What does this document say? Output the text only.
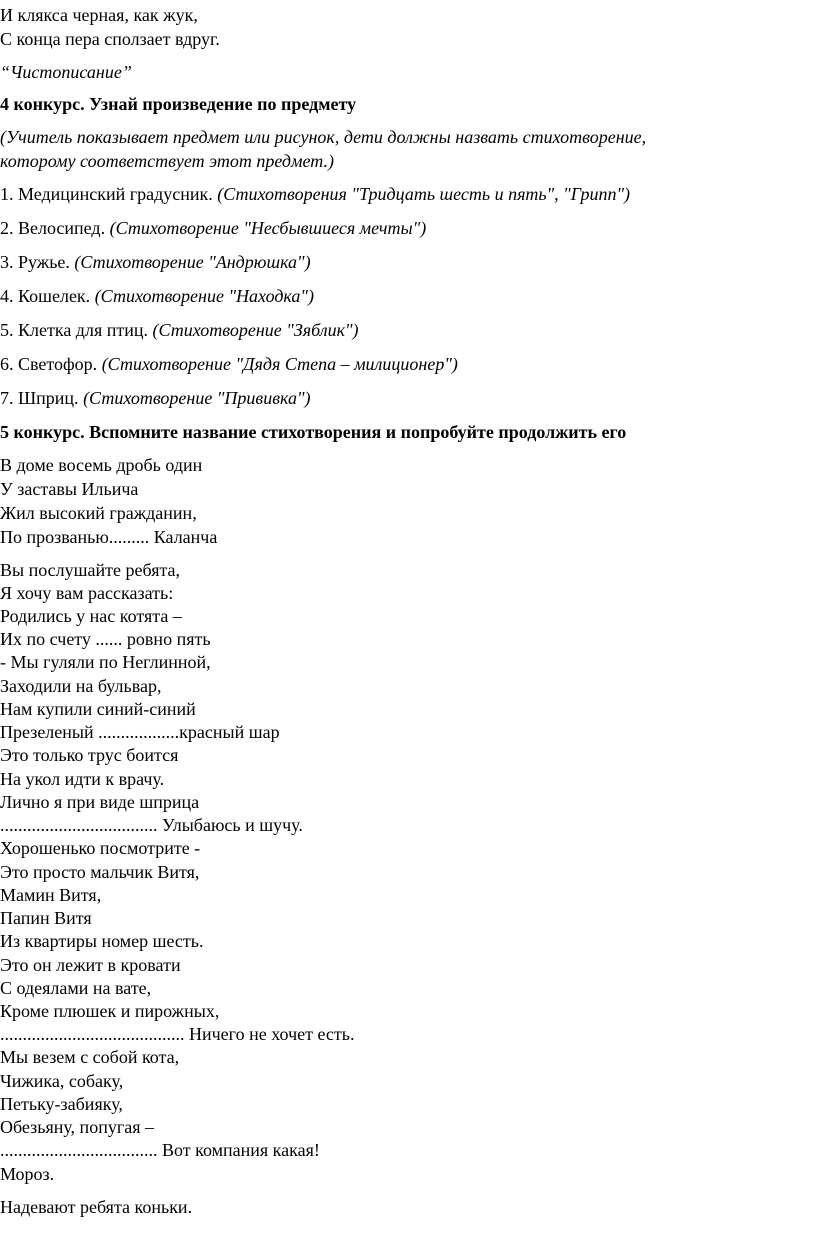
И клякса черная, как жук,
С конца пера сползает вдруг.
“Чистописание”
4 конкурс. Узнай произведение по предмету
(Учитель показывает предмет или рисунок, дети должны назвать стихотворение,
которому соответствует этот предмет.)
1. Медицинский градусник. (Стихотворения "Тридцать шесть и пять", "Грипп")
2. Велосипед. (Стихотворение "Несбывшиеся мечты")
3. Ружье. (Стихотворение "Андрюшка")
4. Кошелек. (Стихотворение "Находка")
5. Клетка для птиц. (Стихотворение "Зяблик")
6. Светофор. (Стихотворение "Дядя Степа – милиционер")
7. Шприц. (Стихотворение "Прививка")
5 конкурс. Вспомните название стихотворения и попробуйте продолжить его
В доме восемь дробь один
У заставы Ильича
Жил высокий гражданин,
По прозванью......... Каланча
Вы послушайте ребята,
Я хочу вам рассказать:
Родились у нас котята –
Их по счету ...... ровно пять
- Мы гуляли по Неглинной,
Заходили на бульвар,
Нам купили синий-синий
Презеленый ..................красный шар
Это только трус боится
На укол идти к врачу.
Лично я при виде шприца
................................... Улыбаюсь и шучу.
Хорошенько посмотрите -
Это просто мальчик Витя,
Мамин Витя,
Папин Витя
Из квартиры номер шесть.
Это он лежит в кровати
С одеялами на вате,
Кроме плюшек и пирожных,
......................................... Ничего не хочет есть.
Мы везем с собой кота,
Чижика, собаку,
Петьку-забияку,
Обезьяну, попугая –
................................... Вот компания какая!
Мороз.
Надевают ребята коньки.
